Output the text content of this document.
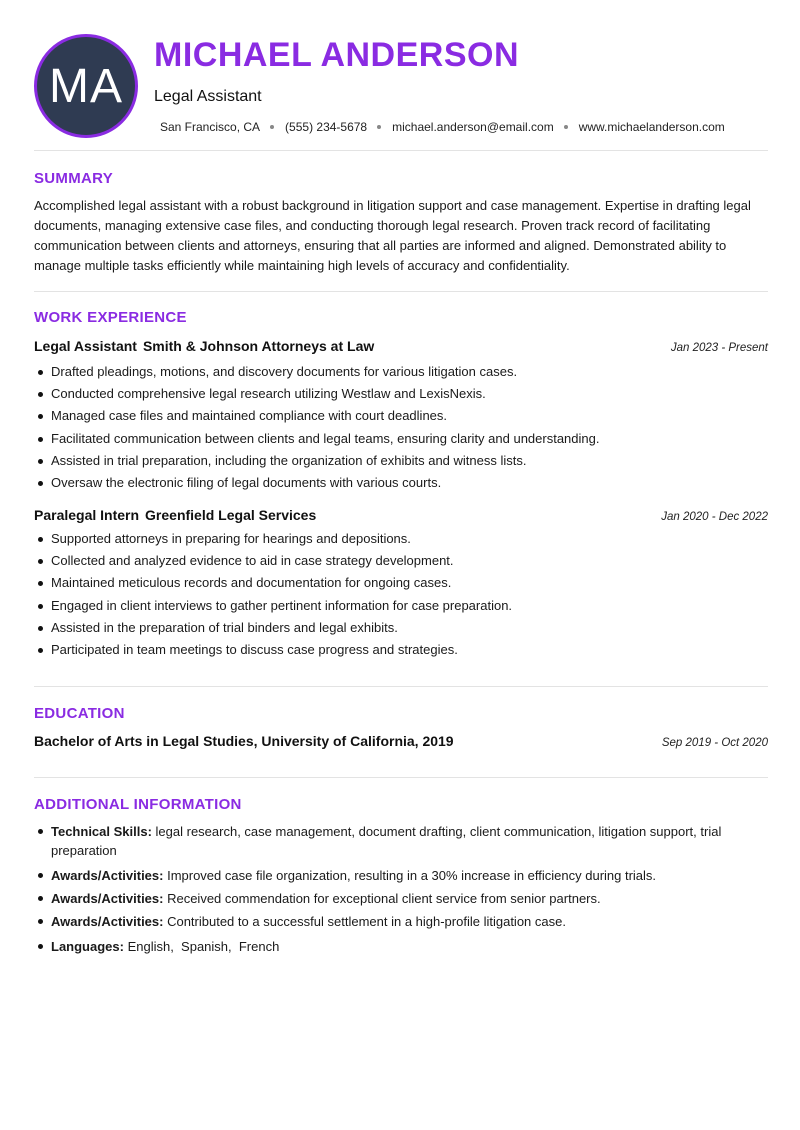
MA
MICHAEL ANDERSON
Legal Assistant
San Francisco, CA (555) 234-5678 michael.anderson@email.com www.michaelanderson.com
SUMMARY
Accomplished legal assistant with a robust background in litigation support and case management. Expertise in drafting legal documents, managing extensive case files, and conducting thorough legal research. Proven track record of facilitating communication between clients and attorneys, ensuring that all parties are informed and aligned. Demonstrated ability to manage multiple tasks efficiently while maintaining high levels of accuracy and confidentiality.
WORK EXPERIENCE
Legal Assistant Smith & Johnson Attorneys at Law	Jan 2023 - Present
Drafted pleadings, motions, and discovery documents for various litigation cases.
Conducted comprehensive legal research utilizing Westlaw and LexisNexis.
Managed case files and maintained compliance with court deadlines.
Facilitated communication between clients and legal teams, ensuring clarity and understanding.
Assisted in trial preparation, including the organization of exhibits and witness lists.
Oversaw the electronic filing of legal documents with various courts.
Paralegal Intern Greenfield Legal Services	Jan 2020 - Dec 2022
Supported attorneys in preparing for hearings and depositions.
Collected and analyzed evidence to aid in case strategy development.
Maintained meticulous records and documentation for ongoing cases.
Engaged in client interviews to gather pertinent information for case preparation.
Assisted in the preparation of trial binders and legal exhibits.
Participated in team meetings to discuss case progress and strategies.
EDUCATION
Bachelor of Arts in Legal Studies, University of California, 2019	Sep 2019 - Oct 2020
ADDITIONAL INFORMATION
Technical Skills: legal research, case management, document drafting, client communication, litigation support, trial preparation
Awards/Activities: Improved case file organization, resulting in a 30% increase in efficiency during trials.
Awards/Activities: Received commendation for exceptional client service from senior partners.
Awards/Activities: Contributed to a successful settlement in a high-profile litigation case.
Languages: English,  Spanish,  French
